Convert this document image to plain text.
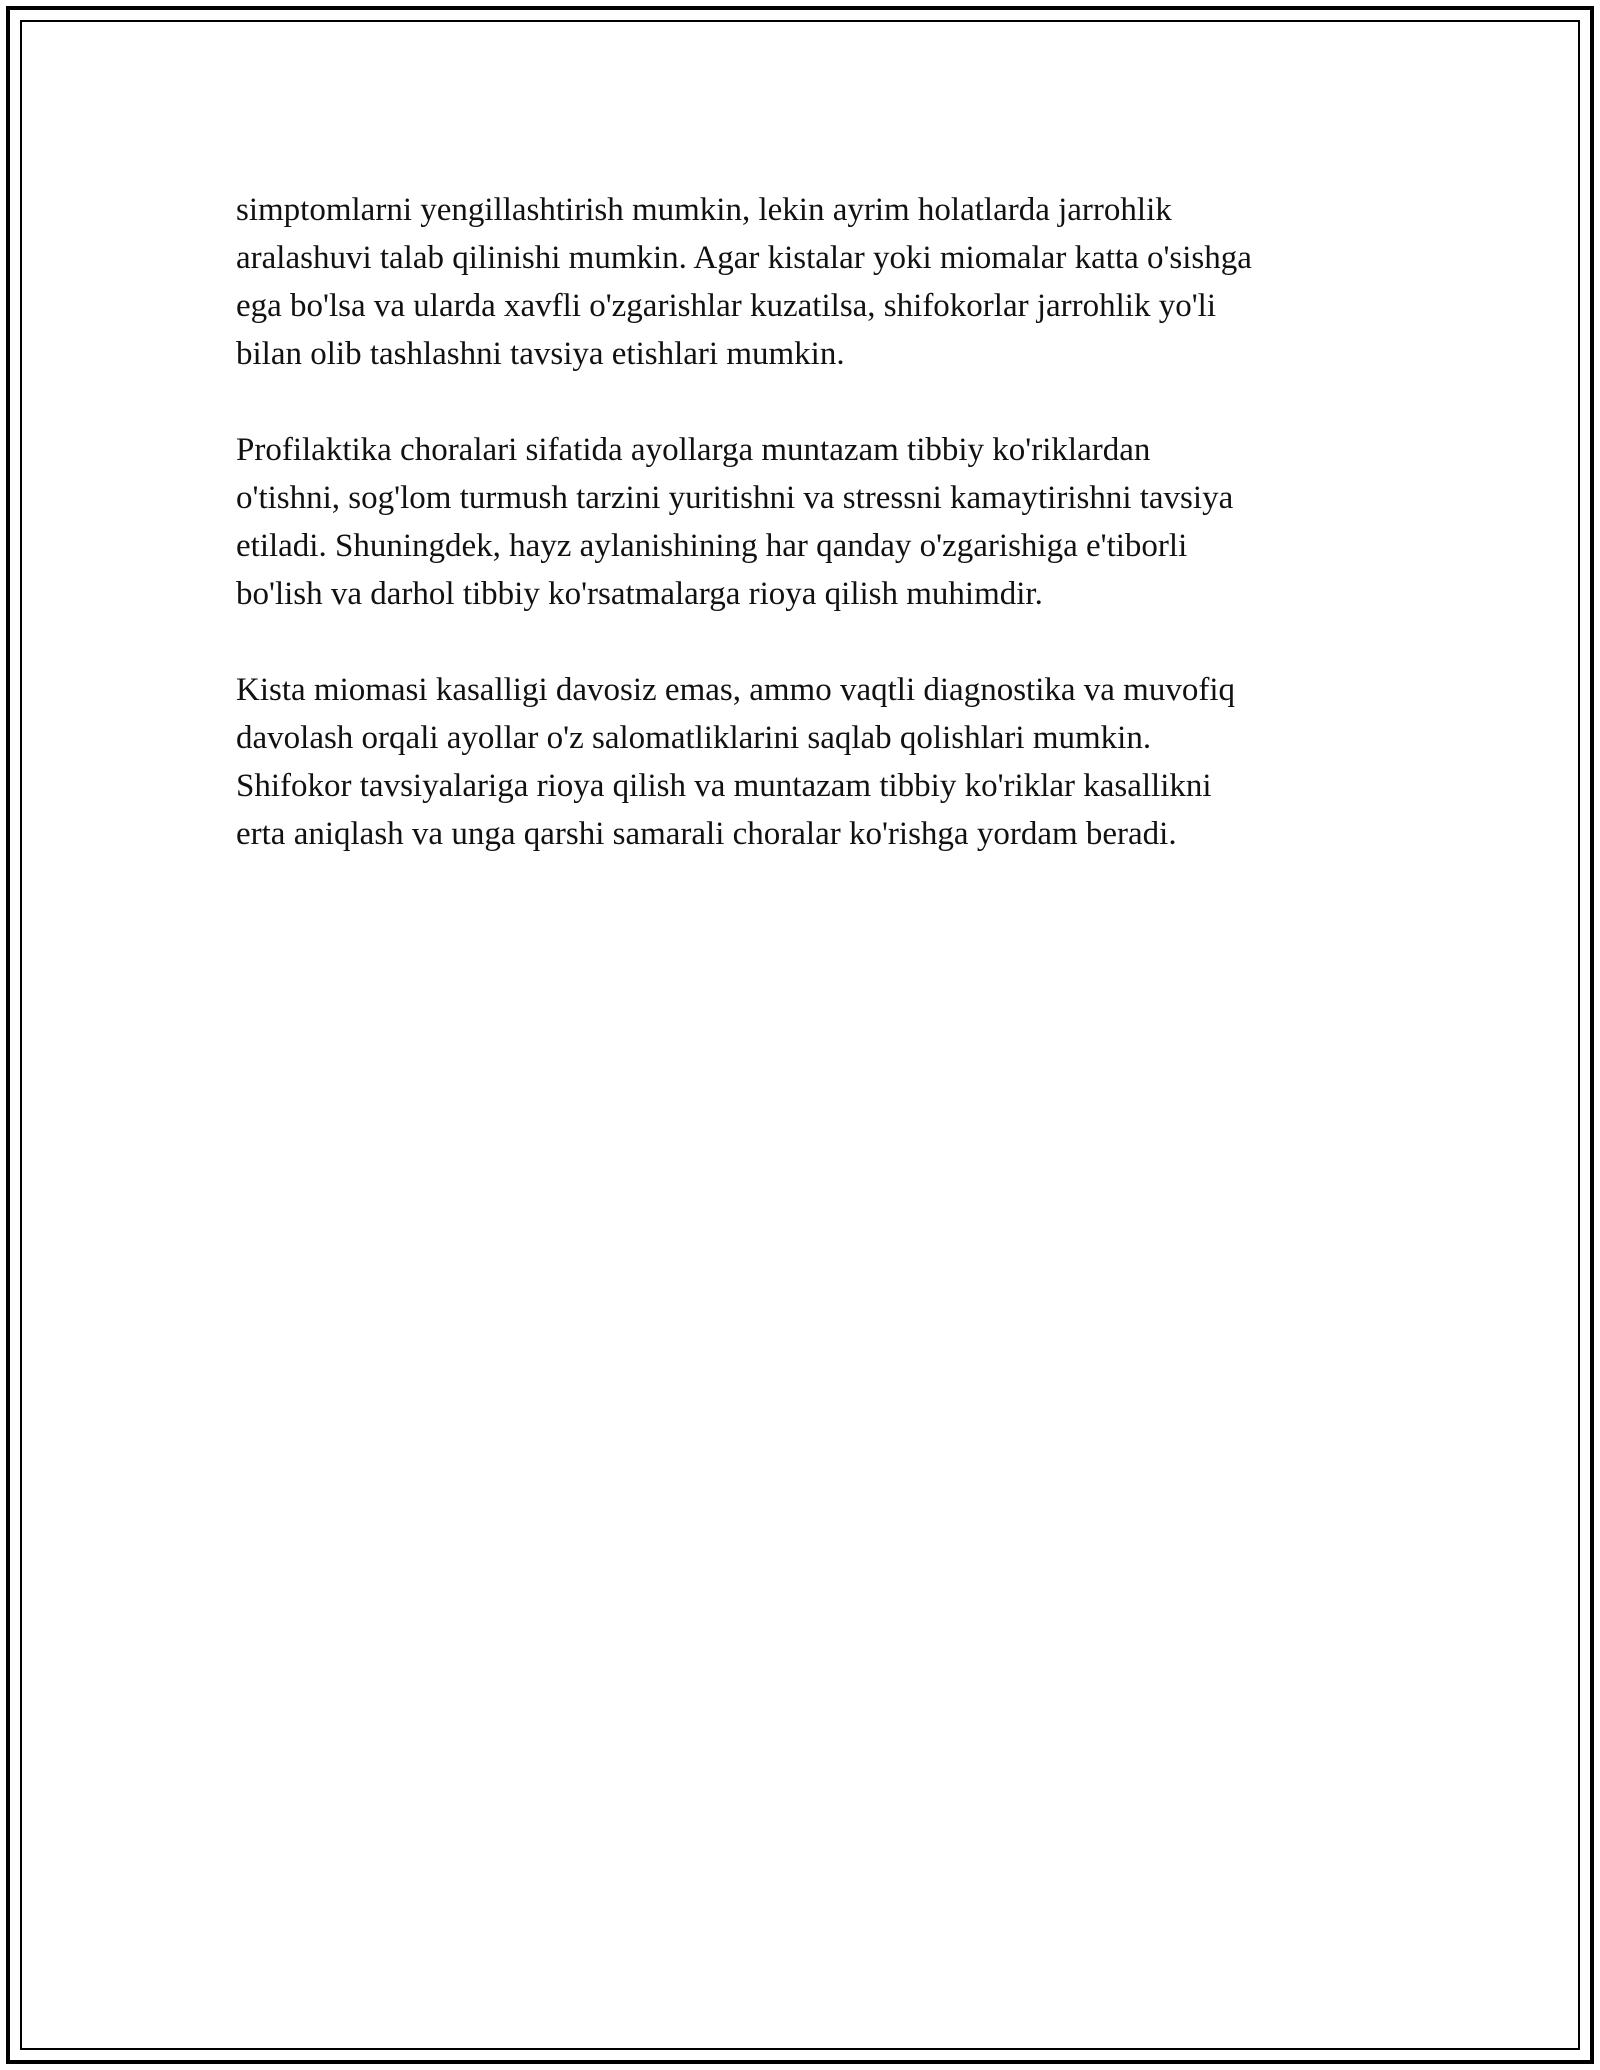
simptomlarni yengillashtirish mumkin, lekin ayrim holatlarda jarrohlik
aralashuvi talab qilinishi mumkin. Agar kistalar yoki miomalar katta o'sishga
ega bo'lsa va ularda xavfli o'zgarishlar kuzatilsa, shifokorlar jarrohlik yo'li
bilan olib tashlashni tavsiya etishlari mumkin.

Profilaktika choralari sifatida ayollarga muntazam tibbiy ko'riklardan
o'tishni, sog'lom turmush tarzini yuritishni va stressni kamaytirishni tavsiya
etiladi. Shuningdek, hayz aylanishining har qanday o'zgarishiga e'tiborli
bo'lish va darhol tibbiy ko'rsatmalarga rioya qilish muhimdir.

Kista miomasi kasalligi davosiz emas, ammo vaqtli diagnostika va muvofiq
davolash orqali ayollar o'z salomatliklarini saqlab qolishlari mumkin.
Shifokor tavsiyalariga rioya qilish va muntazam tibbiy ko'riklar kasallikni
erta aniqlash va unga qarshi samarali choralar ko'rishga yordam beradi.
